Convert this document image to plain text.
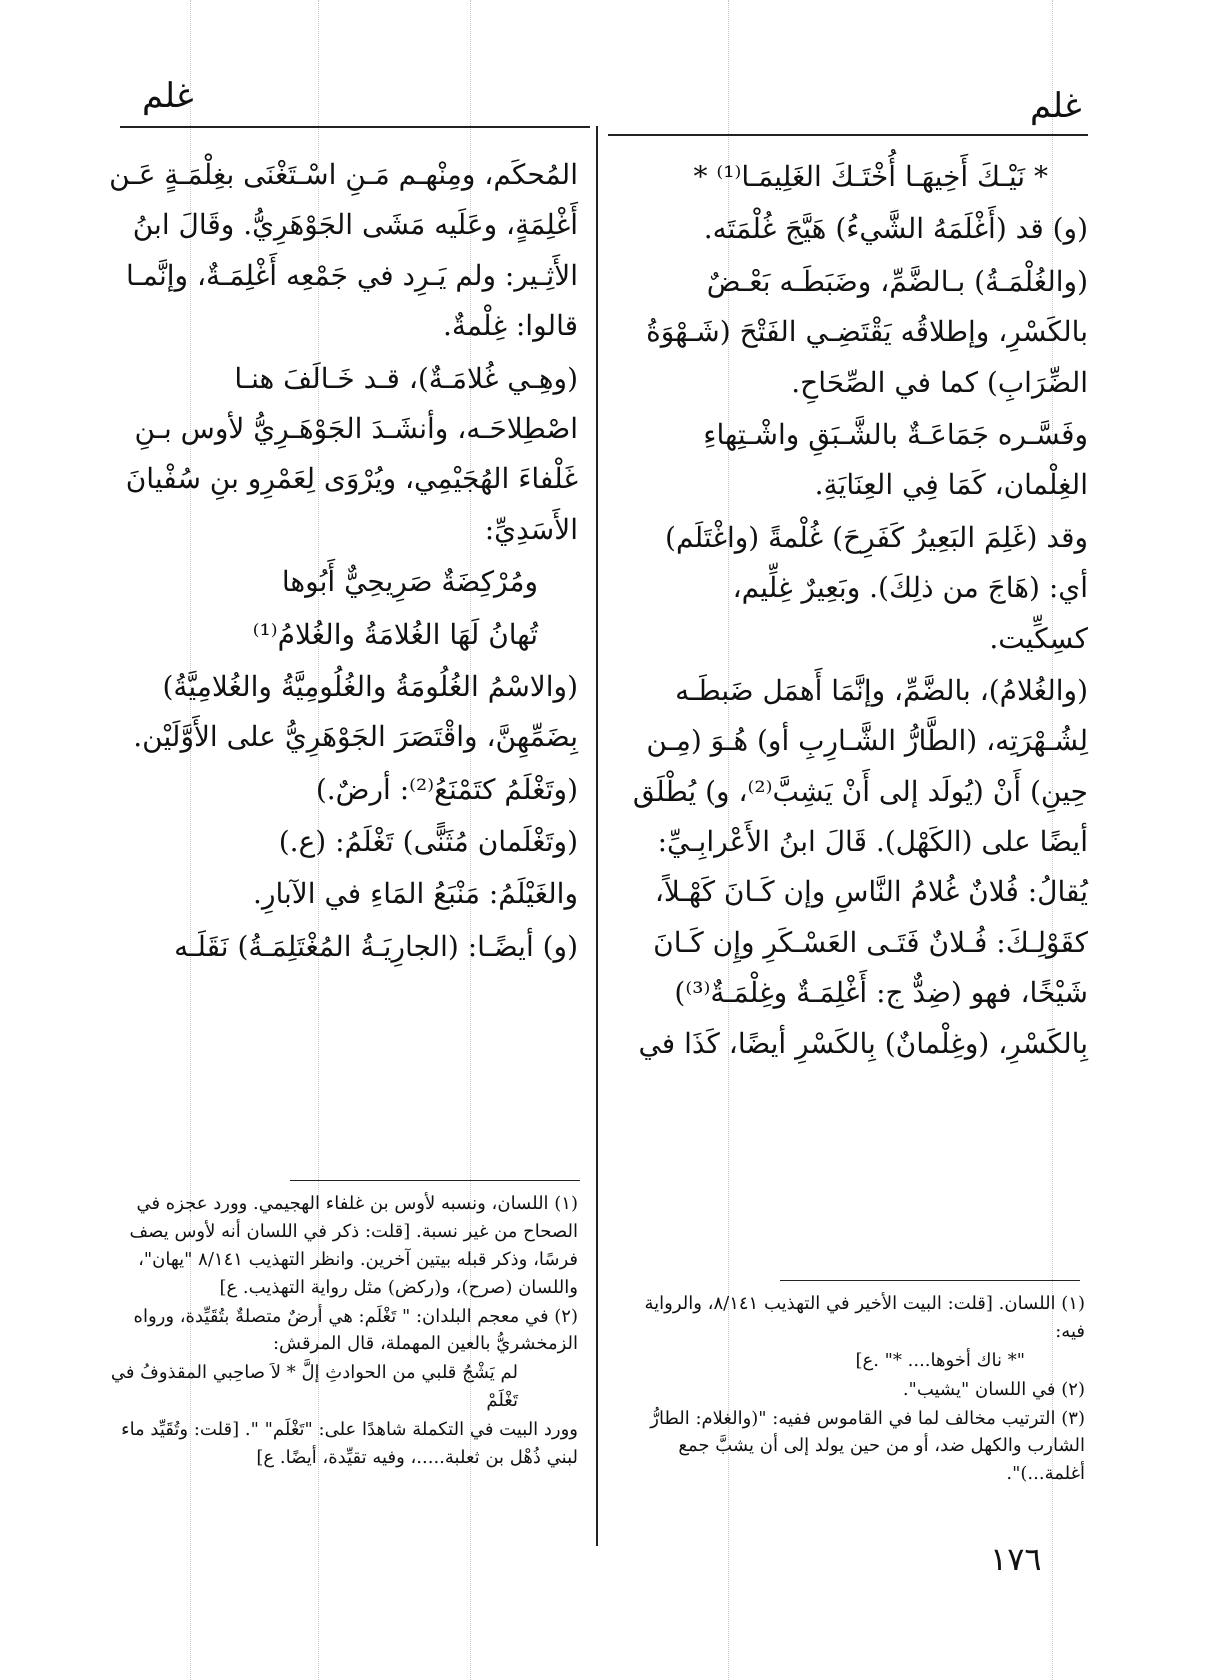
غلم
غلم

* نَيْـكَ أَخِيهَـا أُخْتَـكَ الغَلِيمَـا⁽¹⁾ *

(و) قد (أَغْلَمَهُ الشَّيءُ) هَيَّجَ غُلْمَتَه.

(والغُلْمَـةُ) بـالضَّمِّ، وضَبَطَـه بَعْـضٌ بالكَسْرِ، وإطلاقُه يَقْتَضِـي الفَتْحَ (شَـهْوَةُ الضِّرَابِ) كما في الصِّحَاحِ.

وفَسَّـره جَمَاعَـةٌ بالشَّـبَقِ واشْـتِهاءِ الغِلْمان، كَمَا فِي العِنَايَةِ.

وقد (غَلِمَ البَعِيرُ كَفَرِحَ) غُلْمةً (واغْتَلَم) أي: (هَاجَ من ذلِكَ). وبَعِيرٌ غِلِّيم، كسِكِّيت.

(والغُلامُ)، بالضَّمِّ، وإنَّمَا أَهمَل ضَبطَـه لِشُـهْرَتِه، (الطَّارُّ الشَّـارِبِ أو) هُـوَ (مِـن حِينِ) أَنْ (يُولَد إلى أَنْ يَشِبَّ⁽²⁾، و) يُطْلَق أيضًا على (الكَهْل). قَالَ ابنُ الأَعْرابِـيِّ: يُقالُ: فُلانٌ غُلامُ النَّاسِ وإن كَـانَ كَهْـلاً، كقَوْلِـكَ: فُـلانٌ فَتَـى العَسْـكَرِ وإِن كَـانَ شَيْخًا، فهو (ضِدٌّ ج: أَغْلِمَـةٌ وغِلْمَـةٌ⁽³⁾) بِالكَسْرِ، (وغِلْمانٌ) بِالكَسْرِ أيضًا، كَذَا في

(١) اللسان. [قلت: البيت الأخير في التهذيب ٨/١٤١، والرواية فيه:

"* ناك أخوها.... *" .ع]

(٢) في اللسان "يشيب".

(٣) الترتيب مخالف لما في القاموس ففيه: "(والغلام: الطارُّ الشارب والكهل ضد، أو من حين يولد إلى أن يشبَّ جمع أغلمة...)".

المُحكَم، ومِنْهـم مَـنِ اسْـتَغْنَى بغِلْمَـةٍ عَـن أَغْلِمَةٍ، وعَلَيه مَشَى الجَوْهَرِيُّ. وقَالَ ابنُ الأَثِـير: ولم يَـرِد في جَمْعِه أَغْلِمَـةٌ، وإنَّمـا قالوا: غِلْمةٌ.

(وهِـي غُلامَـةٌ)، قـد خَـالَفَ هنـا اصْطِلاحَـه، وأنشَـدَ الجَوْهَـرِيُّ لأوس بـنِ غَلْفاءَ الهُجَيْمِي، ويُرْوَى لِعَمْرِو بنِ سُفْيانَ الأَسَدِيِّ:

ومُرْكِضَةٌ صَرِيحِيٌّ أَبُوها

تُهانُ لَهَا الغُلامَةُ والغُلامُ⁽¹⁾

(والاسْمُ الغُلُومَةُ والغُلُومِيَّةُ والغُلامِيَّةُ) بِضَمِّهِنَّ، واقْتَصَرَ الجَوْهَرِيُّ على الأَوَّلَيْن.

(وتَغْلَمُ كتَمْنَعُ⁽²⁾: أرضٌ.)

(وتَغْلَمان مُثَنًّى) تَغْلَمُ: (ع.)

والغَيْلَمُ: مَنْبَعُ المَاءِ في الآبارِ.

(و) أيضًـا: (الجارِيَـةُ المُغْتَلِمَـةُ) نَقَلَـه

(١) اللسان، ونسبه لأوس بن غلفاء الهجيمي. وورد عجزه في الصحاح من غير نسبة. [قلت: ذكر في اللسان أنه لأوس يصف فرسًا، وذكر قبله بيتين آخرين. وانظر التهذيب ٨/١٤١ "يهان"، واللسان (صرح)، و(ركض) مثل رواية التهذيب. ع]

(٢) في معجم البلدان: " تَغْلَم: هي أرضٌ متصلةٌ بتُقَيِّدة، ورواه الزمخشريُّ بالعين المهملة، قال المرقش:

لم يَشْجُ قلبي من الحوادثِ إلَّ * لاَ صاحِبي المقذوفُ في تَغْلَمْ

وورد البيت في التكملة شاهدًا على: "تَغْلَم" ". [قلت: وتُقَيِّد ماء لبني ذُهْل بن ثعلبة.....، وفيه تقيِّدة، أيضًا. ع]

١٧٦
